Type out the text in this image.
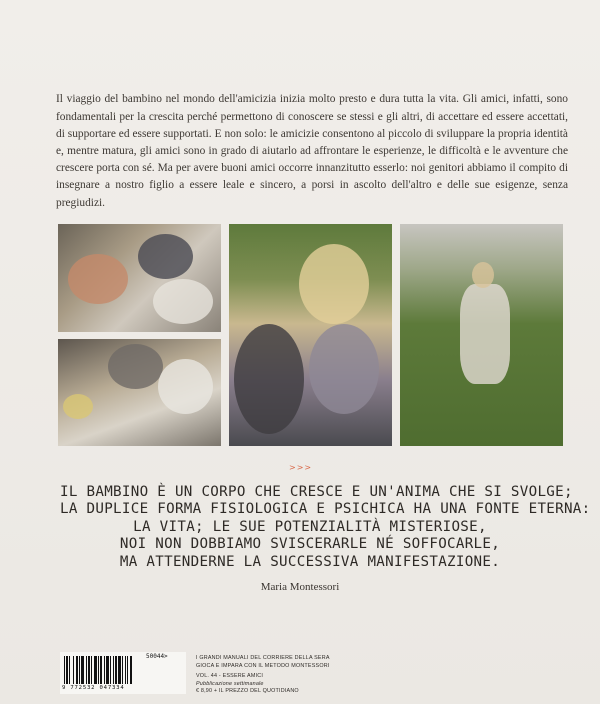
Il viaggio del bambino nel mondo dell'amicizia inizia molto presto e dura tutta la vita. Gli amici, infatti, sono fondamentali per la crescita perché permettono di conoscere se stessi e gli altri, di accettare ed essere accettati, di supportare ed essere supportati. E non solo: le amicizie consentono al piccolo di sviluppare la propria identità e, mentre matura, gli amici sono in grado di aiutarlo ad affrontare le esperienze, le difficoltà e le avventure che crescere porta con sé. Ma per avere buoni amici occorre innanzitutto esserlo: noi genitori abbiamo il compito di insegnare a nostro figlio a essere leale e sincero, a porsi in ascolto dell'altro e delle sue esigenze, senza pregiudizi.

>>>
IL BAMBINO È UN CORPO CHE CRESCE E UN'ANIMA CHE SI SVOLGE;
LA DUPLICE FORMA FISIOLOGICA E PSICHICA HA UNA FONTE ETERNA:
LA VITA; LE SUE POTENZIALITÀ MISTERIOSE,
NOI NON DOBBIAMO SVISCERARLE NÉ SOFFOCARLE,
MA ATTENDERNE LA SUCCESSIVA MANIFESTAZIONE.
Maria Montessori
9 772532 047334
50044>	I GRANDI MANUALI DEL CORRIERE DELLA SERA
GIOCA E IMPARA CON IL METODO MONTESSORI
VOL. 44 - ESSERE AMICI
Pubblicazione settimanale
€ 8,90 + IL PREZZO DEL QUOTIDIANO
